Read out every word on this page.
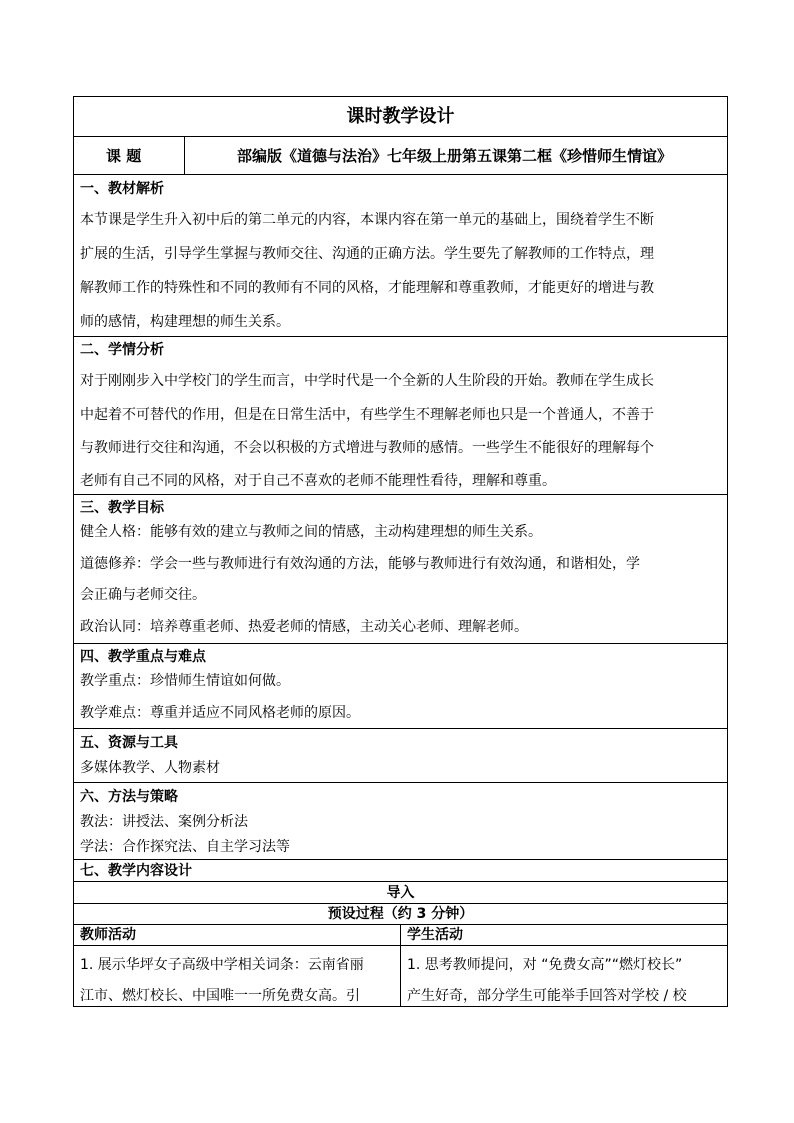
课时教学设计
课 题	部编版《道德与法治》七年级上册第五课第二框《珍惜师生情谊》
一、教材解析
本节课是学生升入初中后的第二单元的内容，本课内容在第一单元的基础上，围绕着学生不断
扩展的生活，引导学生掌握与教师交往、沟通的正确方法。学生要先了解教师的工作特点，理
解教师工作的特殊性和不同的教师有不同的风格，才能理解和尊重教师，才能更好的增进与教
师的感情，构建理想的师生关系。
二、学情分析
对于刚刚步入中学校门的学生而言，中学时代是一个全新的人生阶段的开始。教师在学生成长
中起着不可替代的作用，但是在日常生活中，有些学生不理解老师也只是一个普通人，不善于
与教师进行交往和沟通，不会以积极的方式增进与教师的感情。一些学生不能很好的理解每个
老师有自己不同的风格，对于自己不喜欢的老师不能理性看待，理解和尊重。
三、教学目标
健全人格：能够有效的建立与教师之间的情感，主动构建理想的师生关系。
道德修养：学会一些与教师进行有效沟通的方法，能够与教师进行有效沟通，和谐相处，学
会正确与老师交往。
政治认同：培养尊重老师、热爱老师的情感，主动关心老师、理解老师。
四、教学重点与难点
教学重点：珍惜师生情谊如何做。
教学难点：尊重并适应不同风格老师的原因。
五、资源与工具
多媒体教学、人物素材
六、方法与策略
教法：讲授法、案例分析法
学法：合作探究法、自主学习法等
七、教学内容设计
导入
预设过程（约 3 分钟）
教师活动	学生活动
1. 展示华坪女子高级中学相关词条：云南省丽
江市、燃灯校长、中国唯一一所免费女高。引
1. 思考教师提问，对 “免费女高”“燃灯校长”
产生好奇，部分学生可能举手回答对学校 / 校
